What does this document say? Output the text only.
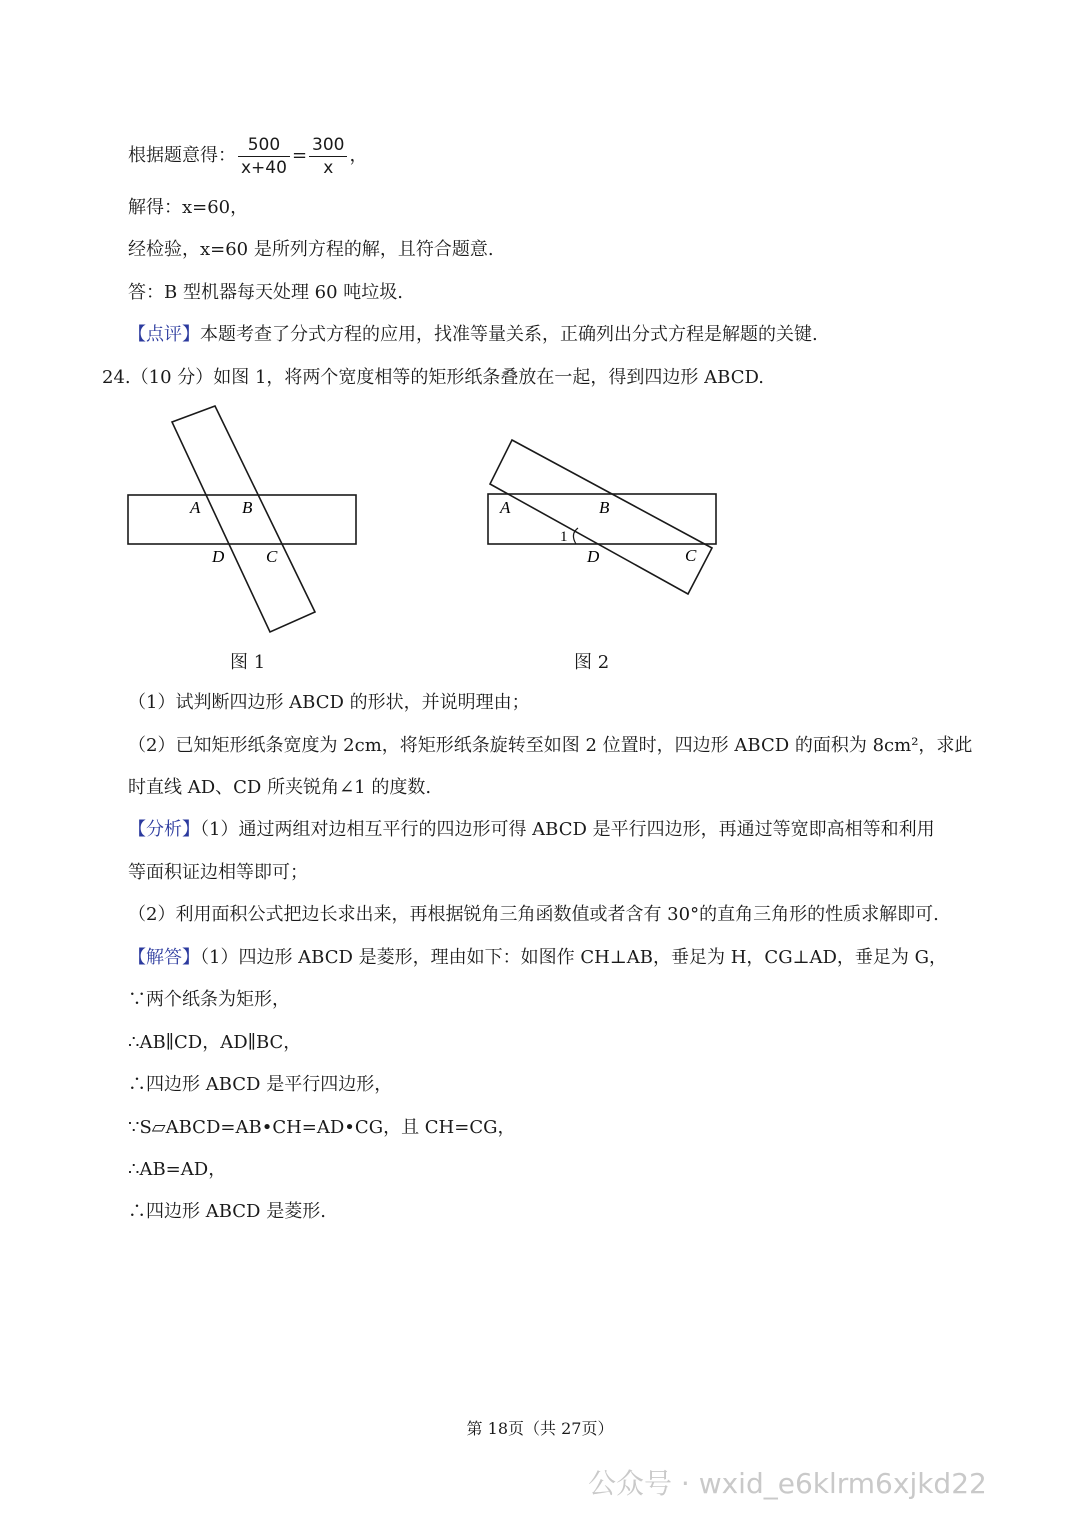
根据题意得： $\frac{500}{x+40} = \frac{300}{x}$ ，
解得：x=60，
经检验，x=60 是所列方程的解，且符合题意.
答：B 型机器每天处理 60 吨垃圾.
【点评】本题考查了分式方程的应用，找准等量关系，正确列出分式方程是解题的关键.
24.（10 分）如图 1，将两个宽度相等的矩形纸条叠放在一起，得到四边形 ABCD.
A B
D C
图 1
A	B
1
D	C
图 2
（1）试判断四边形 ABCD 的形状，并说明理由；
（2）已知矩形纸条宽度为 2cm，将矩形纸条旋转至如图 2 位置时，四边形 ABCD 的面积为 8cm²，求此
时直线 AD、CD 所夹锐角∠1 的度数.
【分析】（1）通过两组对边相互平行的四边形可得 ABCD 是平行四边形，再通过等宽即高相等和利用
等面积证边相等即可；
（2）利用面积公式把边长求出来，再根据锐角三角函数值或者含有 30°的直角三角形的性质求解即可.
【解答】（1）四边形 ABCD 是菱形，理由如下：如图作 CH⊥AB，垂足为 H，CG⊥AD，垂足为 G，
∵两个纸条为矩形，
∴AB∥CD，AD∥BC，
∴四边形 ABCD 是平行四边形，
∵S▱ABCD=AB•CH=AD•CG，且 CH=CG，
∴AB=AD，
∴四边形 ABCD 是菱形.
第 18页（共 27页）
公众号 · wxid_e6klrm6xjkd22
